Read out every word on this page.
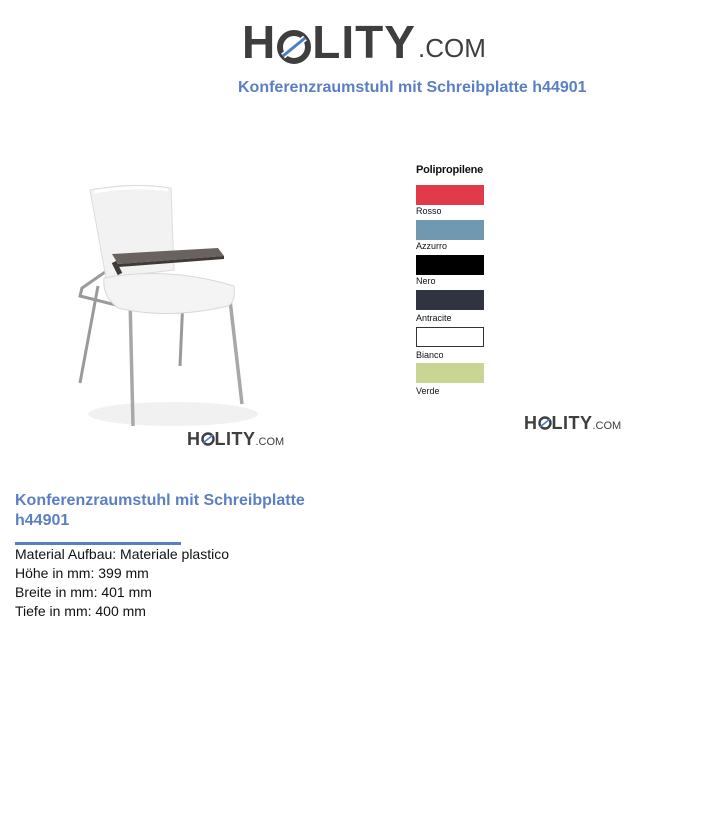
H LITY .COM
Konferenzraumstuhl mit Schreibplatte h44901
H LITY.COM
Polipropilene
Rosso
Azzurro
Nero
Antracite
Bianco
Verde
H LITY.COM
Konferenzraumstuhl mit Schreibplatte h44901
Material Aufbau: Materiale plastico
Höhe in mm: 399 mm
Breite in mm: 401 mm
Tiefe in mm: 400 mm
